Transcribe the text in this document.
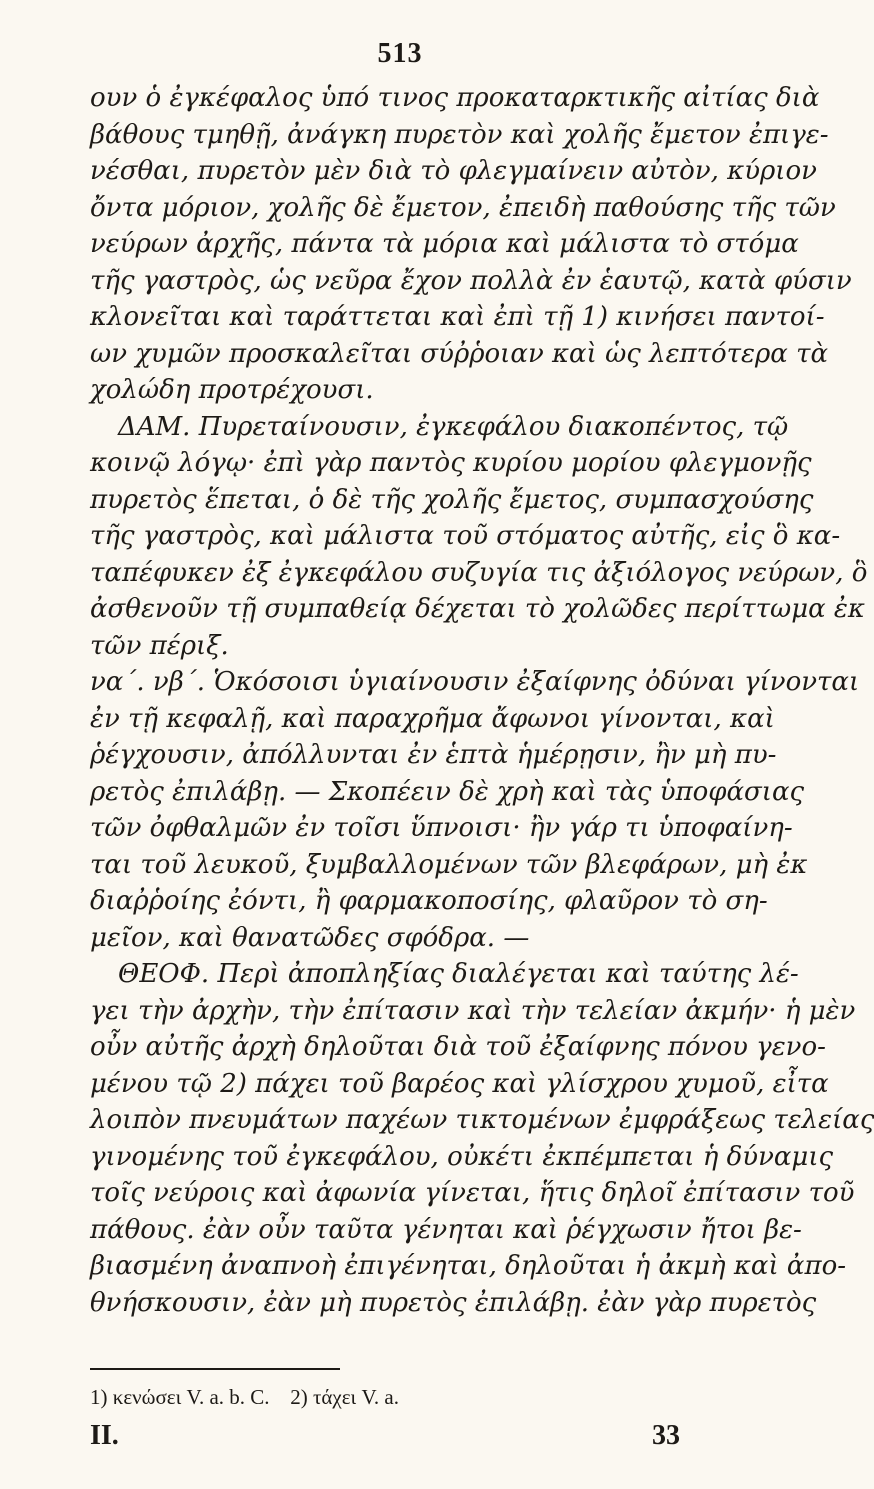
513
ουν ὁ ἐγκέφαλος ὑπό τινος προκαταρκτικῆς αἰτίας διὰ
βάθους τμηθῇ, ἀνάγκη πυρετὸν καὶ χολῆς ἔμετον ἐπιγε-
νέσθαι, πυρετὸν μὲν διὰ τὸ φλεγμαίνειν αὐτὸν, κύριον
ὄντα μόριον, χολῆς δὲ ἔμετον, ἐπειδὴ παθούσης τῆς τῶν
νεύρων ἀρχῆς, πάντα τὰ μόρια καὶ μάλιστα τὸ στόμα
τῆς γαστρὸς, ὡς νεῦρα ἔχον πολλὰ ἐν ἑαυτῷ, κατὰ φύσιν
κλονεῖται καὶ ταράττεται καὶ ἐπὶ τῇ 1) κινήσει παντοί-
ων χυμῶν προσκαλεῖται σύῤῥοιαν καὶ ὡς λεπτότερα τὰ
χολώδη προτρέχουσι.
ΔΑΜ. Πυρεταίνουσιν, ἐγκεφάλου διακοπέντος, τῷ
κοινῷ λόγῳ· ἐπὶ γὰρ παντὸς κυρίου μορίου φλεγμονῇς
πυρετὸς ἕπεται, ὁ δὲ τῆς χολῆς ἔμετος, συμπασχούσης
τῆς γαστρὸς, καὶ μάλιστα τοῦ στόματος αὐτῆς, εἰς ὃ κα-
ταπέφυκεν ἐξ ἐγκεφάλου συζυγία τις ἀξιόλογος νεύρων, ὃ
ἀσθενοῦν τῇ συμπαθείᾳ δέχεται τὸ χολῶδες περίττωμα ἐκ
τῶν πέριξ.
να΄. νβ΄. Ὁκόσοισι ὑγιαίνουσιν ἐξαίφνης ὀδύναι γίνονται
ἐν τῇ κεφαλῇ, καὶ παραχρῆμα ἄφωνοι γίνονται, καὶ
ῥέγχουσιν, ἀπόλλυνται ἐν ἑπτὰ ἡμέρῃσιν, ἢν μὴ πυ-
ρετὸς ἐπιλάβῃ. — Σκοπέειν δὲ χρὴ καὶ τὰς ὑποφάσιας
τῶν ὀφθαλμῶν ἐν τοῖσι ὕπνοισι· ἢν γάρ τι ὑποφαίνη-
ται τοῦ λευκοῦ, ξυμβαλλομένων τῶν βλεφάρων, μὴ ἐκ
διαῤῥοίης ἐόντι, ἢ φαρμακοποσίης, φλαῦρον τὸ ση-
μεῖον, καὶ θανατῶδες σφόδρα. —
ΘΕΟΦ. Περὶ ἀποπληξίας διαλέγεται καὶ ταύτης λέ-
γει τὴν ἀρχὴν, τὴν ἐπίτασιν καὶ τὴν τελείαν ἀκμήν· ἡ μὲν
οὖν αὐτῆς ἀρχὴ δηλοῦται διὰ τοῦ ἐξαίφνης πόνου γενο-
μένου τῷ 2) πάχει τοῦ βαρέος καὶ γλίσχρου χυμοῦ, εἶτα
λοιπὸν πνευμάτων παχέων τικτομένων ἐμφράξεως τελείας
γινομένης τοῦ ἐγκεφάλου, οὐκέτι ἐκπέμπεται ἡ δύναμις
τοῖς νεύροις καὶ ἀφωνία γίνεται, ἥτις δηλοῖ ἐπίτασιν τοῦ
πάθους. ἐὰν οὖν ταῦτα γένηται καὶ ῥέγχωσιν ἤτοι βε-
βιασμένη ἀναπνοὴ ἐπιγένηται, δηλοῦται ἡ ἀκμὴ καὶ ἀπο-
θνήσκουσιν, ἐὰν μὴ πυρετὸς ἐπιλάβῃ. ἐὰν γὰρ πυρετὸς
1) κενώσει V. a. b. C. 2) τάχει V. a.
II.	33
